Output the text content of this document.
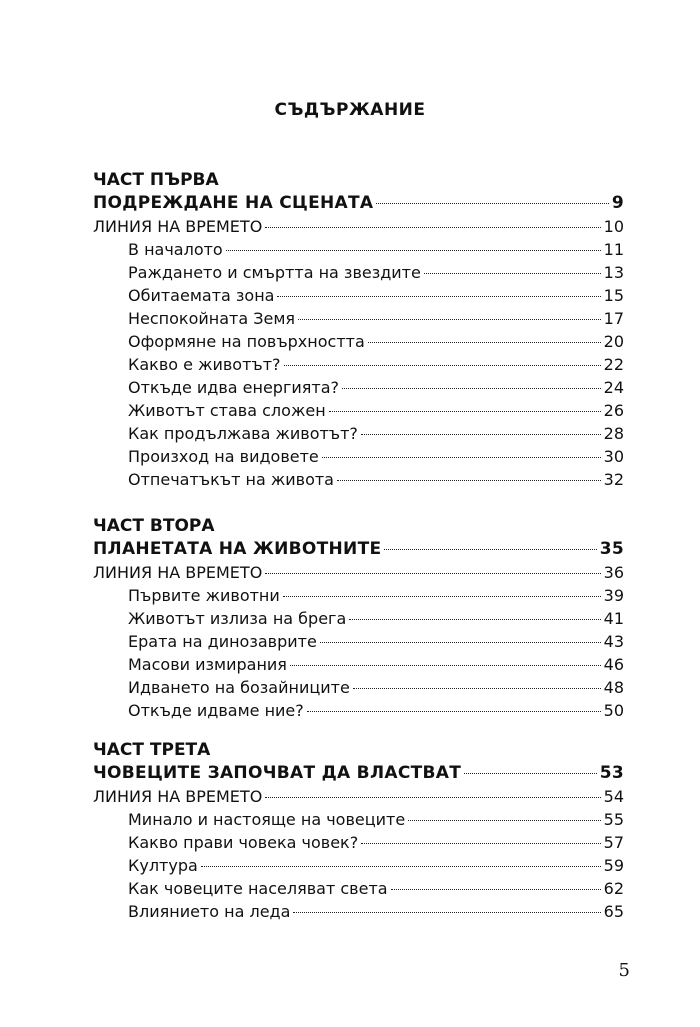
СЪДЪРЖАНИЕ
ЧАСТ ПЪРВА
ПОДРЕЖДАНЕ НА СЦЕНАТА	9
ЛИНИЯ НА ВРЕМЕТО	10
В началото	11
Раждането и смъртта на звездите	13
Обитаемата зона	15
Неспокойната Земя	17
Оформяне на повърхността	20
Какво е животът?	22
Откъде идва енергията?	24
Животът става сложен	26
Как продължава животът?	28
Произход на видовете	30
Отпечатъкът на живота	32
ЧАСТ ВТОРА
ПЛАНЕТАТА НА ЖИВОТНИТЕ	35
ЛИНИЯ НА ВРЕМЕТО	36
Първите животни	39
Животът излиза на брега	41
Ерата на динозаврите	43
Масови измирания	46
Идването на бозайниците	48
Откъде идваме ние?	50
ЧАСТ ТРЕТА
ЧОВЕЦИТЕ ЗАПОЧВАТ ДА ВЛАСТВАТ	53
ЛИНИЯ НА ВРЕМЕТО	54
Минало и настояще на човеците	55
Какво прави човека човек?	57
Култура	59
Как човеците населяват света	62
Влиянието на леда	65
5
